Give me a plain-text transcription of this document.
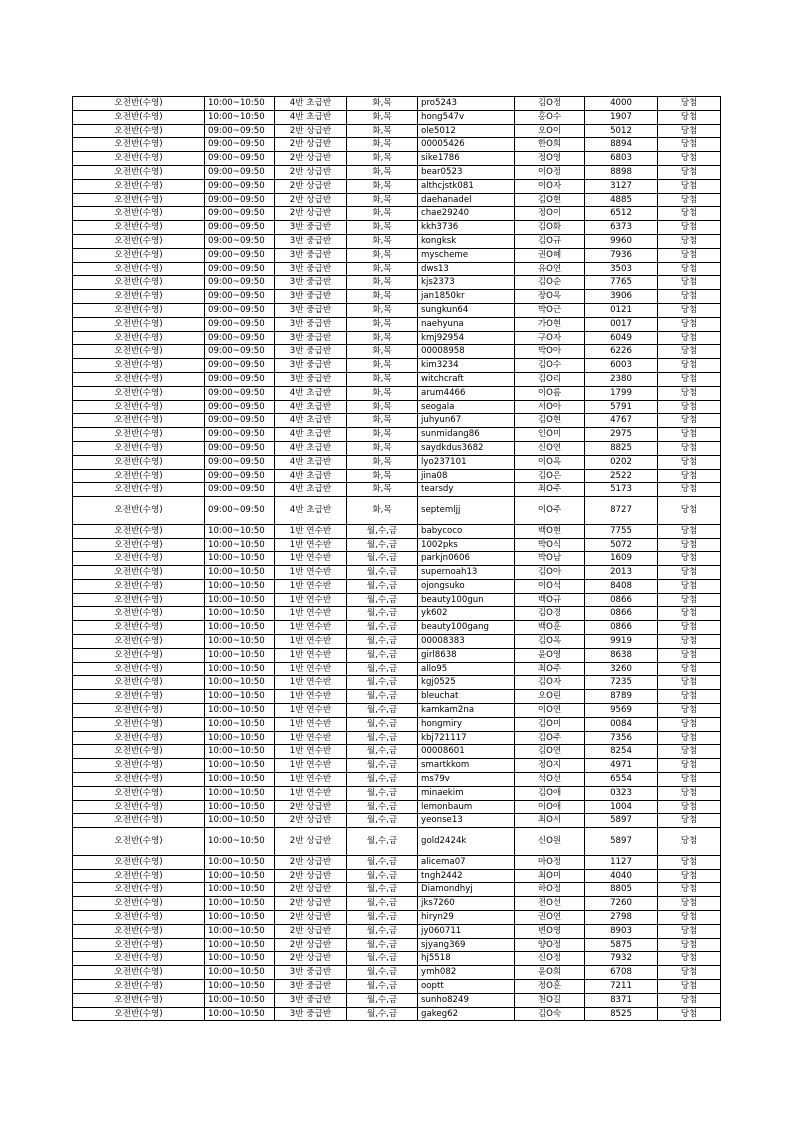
오전반(수영)	10:00~10:50	4반 초급반	화,목	pro5243	김O정	4000	당첨
오전반(수영)	10:00~10:50	4반 초급반	화,목	hong547v	홍O수	1907	당첨
오전반(수영)	09:00~09:50	2반 상급반	화,목	ole5012	오O이	5012	당첨
오전반(수영)	09:00~09:50	2반 상급반	화,목	00005426	한O희	8894	당첨
오전반(수영)	09:00~09:50	2반 상급반	화,목	sike1786	정O영	6803	당첨
오전반(수영)	09:00~09:50	2반 상급반	화,목	bear0523	이O정	8898	당첨
오전반(수영)	09:00~09:50	2반 상급반	화,목	althcjstk081	이O자	3127	당첨
오전반(수영)	09:00~09:50	2반 상급반	화,목	daehanadel	김O현	4885	당첨
오전반(수영)	09:00~09:50	2반 상급반	화,목	chae29240	정O이	6512	당첨
오전반(수영)	09:00~09:50	3반 중급반	화,목	kkh3736	김O화	6373	당첨
오전반(수영)	09:00~09:50	3반 중급반	화,목	kongksk	김O규	9960	당첨
오전반(수영)	09:00~09:50	3반 중급반	화,목	myscheme	권O혜	7936	당첨
오전반(수영)	09:00~09:50	3반 중급반	화,목	dws13	유O연	3503	당첨
오전반(수영)	09:00~09:50	3반 중급반	화,목	kjs2373	김O순	7765	당첨
오전반(수영)	09:00~09:50	3반 중급반	화,목	jan1850kr	장O옥	3906	당첨
오전반(수영)	09:00~09:50	3반 중급반	화,목	sungkun64	박O근	0121	당첨
오전반(수영)	09:00~09:50	3반 중급반	화,목	naehyuna	가O현	0017	당첨
오전반(수영)	09:00~09:50	3반 중급반	화,목	kmj92954	구O자	6049	당첨
오전반(수영)	09:00~09:50	3반 중급반	화,목	00008958	박O아	6226	당첨
오전반(수영)	09:00~09:50	3반 중급반	화,목	kim3234	김O수	6003	당첨
오전반(수영)	09:00~09:50	3반 중급반	화,목	witchcraft	김O리	2380	당첨
오전반(수영)	09:00~09:50	4반 초급반	화,목	arum4466	이O름	1799	당첨
오전반(수영)	09:00~09:50	4반 초급반	화,목	seogala	서O아	5791	당첨
오전반(수영)	09:00~09:50	4반 초급반	화,목	juhyun67	김O현	4767	당첨
오전반(수영)	09:00~09:50	4반 초급반	화,목	sunmidang86	인O미	2975	당첨
오전반(수영)	09:00~09:50	4반 초급반	화,목	saydkdus3682	신O연	8825	당첨
오전반(수영)	09:00~09:50	4반 초급반	화,목	lyo237101	이O옥	0202	당첨
오전반(수영)	09:00~09:50	4반 초급반	화,목	jina08	김O은	2522	당첨
오전반(수영)	09:00~09:50	4반 초급반	화,목	tearsdy	최O주	5173	당첨
오전반(수영)	09:00~09:50	4반 초급반	화,목	septemljj	이O주	8727	당첨
오전반(수영)	10:00~10:50	1반 연수반	월,수,금	babycoco	백O현	7755	당첨
오전반(수영)	10:00~10:50	1반 연수반	월,수,금	1002pks	박O식	5072	당첨
오전반(수영)	10:00~10:50	1반 연수반	월,수,금	parkjn0606	박O남	1609	당첨
오전반(수영)	10:00~10:50	1반 연수반	월,수,금	supernoah13	김O아	2013	당첨
오전반(수영)	10:00~10:50	1반 연수반	월,수,금	ojongsuko	이O석	8408	당첨
오전반(수영)	10:00~10:50	1반 연수반	월,수,금	beauty100gun	백O규	0866	당첨
오전반(수영)	10:00~10:50	1반 연수반	월,수,금	yk602	김O경	0866	당첨
오전반(수영)	10:00~10:50	1반 연수반	월,수,금	beauty100gang	백O훈	0866	당첨
오전반(수영)	10:00~10:50	1반 연수반	월,수,금	00008383	김O옥	9919	당첨
오전반(수영)	10:00~10:50	1반 연수반	월,수,금	girl8638	윤O영	8638	당첨
오전반(수영)	10:00~10:50	1반 연수반	월,수,금	allo95	최O주	3260	당첨
오전반(수영)	10:00~10:50	1반 연수반	월,수,금	kgj0525	김O자	7235	당첨
오전반(수영)	10:00~10:50	1반 연수반	월,수,금	bleuchat	오O린	8789	당첨
오전반(수영)	10:00~10:50	1반 연수반	월,수,금	kamkam2na	이O연	9569	당첨
오전반(수영)	10:00~10:50	1반 연수반	월,수,금	hongmiry	김O미	0084	당첨
오전반(수영)	10:00~10:50	1반 연수반	월,수,금	kbj721117	김O주	7356	당첨
오전반(수영)	10:00~10:50	1반 연수반	월,수,금	00008601	김O연	8254	당첨
오전반(수영)	10:00~10:50	1반 연수반	월,수,금	smartkkom	정O지	4971	당첨
오전반(수영)	10:00~10:50	1반 연수반	월,수,금	ms79v	석O선	6554	당첨
오전반(수영)	10:00~10:50	1반 연수반	월,수,금	minaekim	김O애	0323	당첨
오전반(수영)	10:00~10:50	2반 상급반	월,수,금	lemonbaum	이O애	1004	당첨
오전반(수영)	10:00~10:50	2반 상급반	월,수,금	yeonse13	최O서	5897	당첨
오전반(수영)	10:00~10:50	2반 상급반	월,수,금	gold2424k	신O원	5897	당첨
오전반(수영)	10:00~10:50	2반 상급반	월,수,금	alicema07	마O정	1127	당첨
오전반(수영)	10:00~10:50	2반 상급반	월,수,금	tngh2442	최O미	4040	당첨
오전반(수영)	10:00~10:50	2반 상급반	월,수,금	Diamondhyj	하O정	8805	당첨
오전반(수영)	10:00~10:50	2반 상급반	월,수,금	jks7260	전O선	7260	당첨
오전반(수영)	10:00~10:50	2반 상급반	월,수,금	hiryn29	권O연	2798	당첨
오전반(수영)	10:00~10:50	2반 상급반	월,수,금	jy060711	변O영	8903	당첨
오전반(수영)	10:00~10:50	2반 상급반	월,수,금	sjyang369	양O정	5875	당첨
오전반(수영)	10:00~10:50	2반 상급반	월,수,금	hj5518	신O정	7932	당첨
오전반(수영)	10:00~10:50	3반 중급반	월,수,금	ymh082	윤O희	6708	당첨
오전반(수영)	10:00~10:50	3반 중급반	월,수,금	ooptt	정O훈	7211	당첨
오전반(수영)	10:00~10:50	3반 중급반	월,수,금	sunho8249	천O길	8371	당첨
오전반(수영)	10:00~10:50	3반 중급반	월,수,금	gakeg62	김O숙	8525	당첨
